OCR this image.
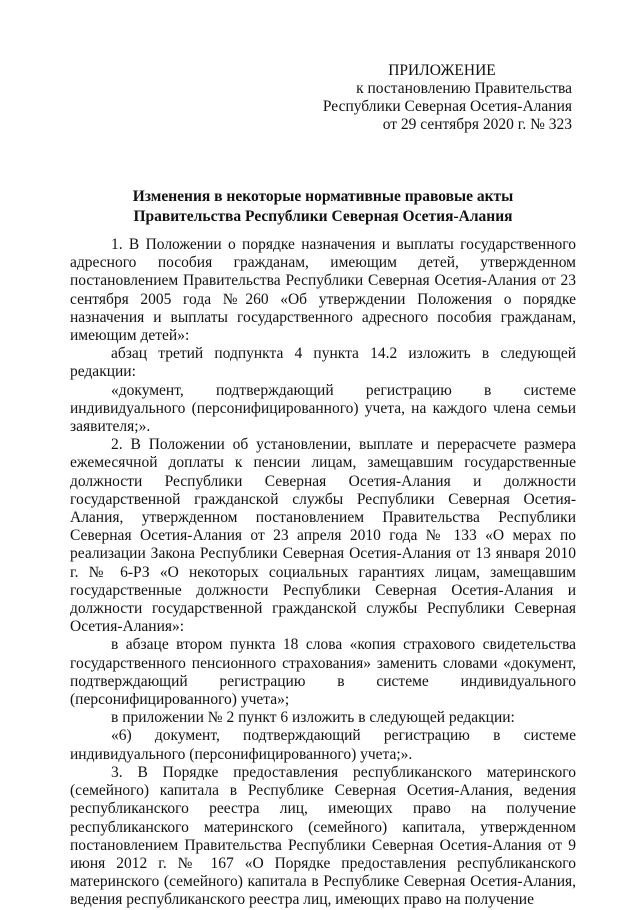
ПРИЛОЖЕНИЕ
к постановлению Правительства
Республики Северная Осетия-Алания
от 29 сентября 2020 г. № 323
Изменения в некоторые нормативные правовые акты
Правительства Республики Северная Осетия-Алания

1. В Положении о порядке назначения и выплаты государственного адресного пособия гражданам, имеющим детей, утвержденном постановлением Правительства Республики Северная Осетия-Алания от 23 сентября 2005 года №260 «Об утверждении Положения о порядке назначения и выплаты государственного адресного пособия гражданам, имеющим детей»:

абзац третий подпункта 4 пункта 14.2 изложить в следующей редакции:

«документ, подтверждающий регистрацию в системе индивидуального (персонифицированного) учета, на каждого члена семьи заявителя;».

2. В Положении об установлении, выплате и перерасчете размера ежемесячной доплаты к пенсии лицам, замещавшим государственные должности Республики Северная Осетия-Алания и должности государственной гражданской службы Республики Северная Осетия-Алания, утвержденном постановлением Правительства Республики Северная Осетия-Алания от 23 апреля 2010 года № 133 «О мерах по реализации Закона Республики Северная Осетия-Алания от 13 января 2010 г. № 6-РЗ «О некоторых социальных гарантиях лицам, замещавшим государственные должности Республики Северная Осетия-Алания и должности государственной гражданской службы Республики Северная Осетия-Алания»:

в абзаце втором пункта 18 слова «копия страхового свидетельства государственного пенсионного страхования» заменить словами «документ, подтверждающий регистрацию в системе индивидуального (персонифицированного) учета»;

в приложении № 2 пункт 6 изложить в следующей редакции:

«6) документ, подтверждающий регистрацию в системе индивидуального (персонифицированного) учета;».

3. В Порядке предоставления республиканского материнского (семейного) капитала в Республике Северная Осетия-Алания, ведения республиканского реестра лиц, имеющих право на получение республиканского материнского (семейного) капитала, утвержденном постановлением Правительства Республики Северная Осетия-Алания от 9 июня 2012 г. № 167 «О Порядке предоставления республиканского материнского (семейного) капитала в Республике Северная Осетия-Алания, ведения республиканского реестра лиц, имеющих право на получение
